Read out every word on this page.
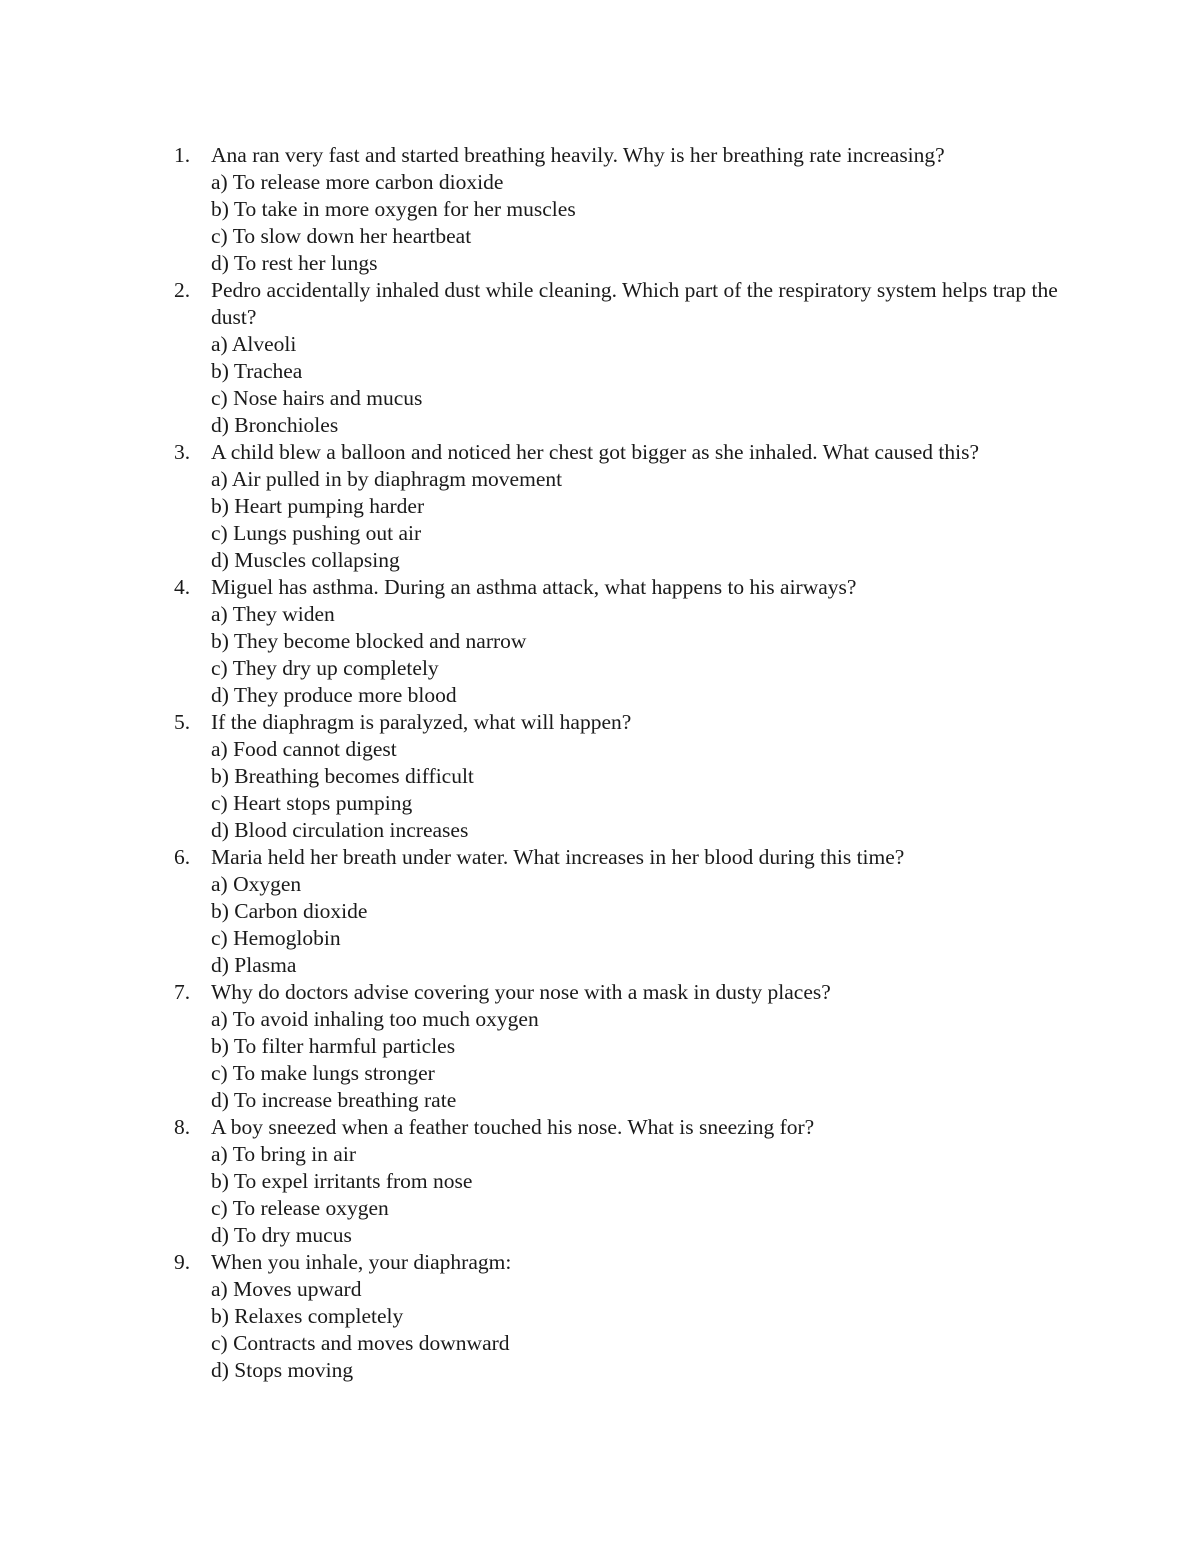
1. Ana ran very fast and started breathing heavily. Why is her breathing rate increasing?
a) To release more carbon dioxide
b) To take in more oxygen for her muscles
c) To slow down her heartbeat
d) To rest her lungs
2. Pedro accidentally inhaled dust while cleaning. Which part of the respiratory system helps trap the dust?
a) Alveoli
b) Trachea
c) Nose hairs and mucus
d) Bronchioles
3. A child blew a balloon and noticed her chest got bigger as she inhaled. What caused this?
a) Air pulled in by diaphragm movement
b) Heart pumping harder
c) Lungs pushing out air
d) Muscles collapsing
4. Miguel has asthma. During an asthma attack, what happens to his airways?
a) They widen
b) They become blocked and narrow
c) They dry up completely
d) They produce more blood
5. If the diaphragm is paralyzed, what will happen?
a) Food cannot digest
b) Breathing becomes difficult
c) Heart stops pumping
d) Blood circulation increases
6. Maria held her breath under water. What increases in her blood during this time?
a) Oxygen
b) Carbon dioxide
c) Hemoglobin
d) Plasma
7. Why do doctors advise covering your nose with a mask in dusty places?
a) To avoid inhaling too much oxygen
b) To filter harmful particles
c) To make lungs stronger
d) To increase breathing rate
8. A boy sneezed when a feather touched his nose. What is sneezing for?
a) To bring in air
b) To expel irritants from nose
c) To release oxygen
d) To dry mucus
9. When you inhale, your diaphragm:
a) Moves upward
b) Relaxes completely
c) Contracts and moves downward
d) Stops moving
